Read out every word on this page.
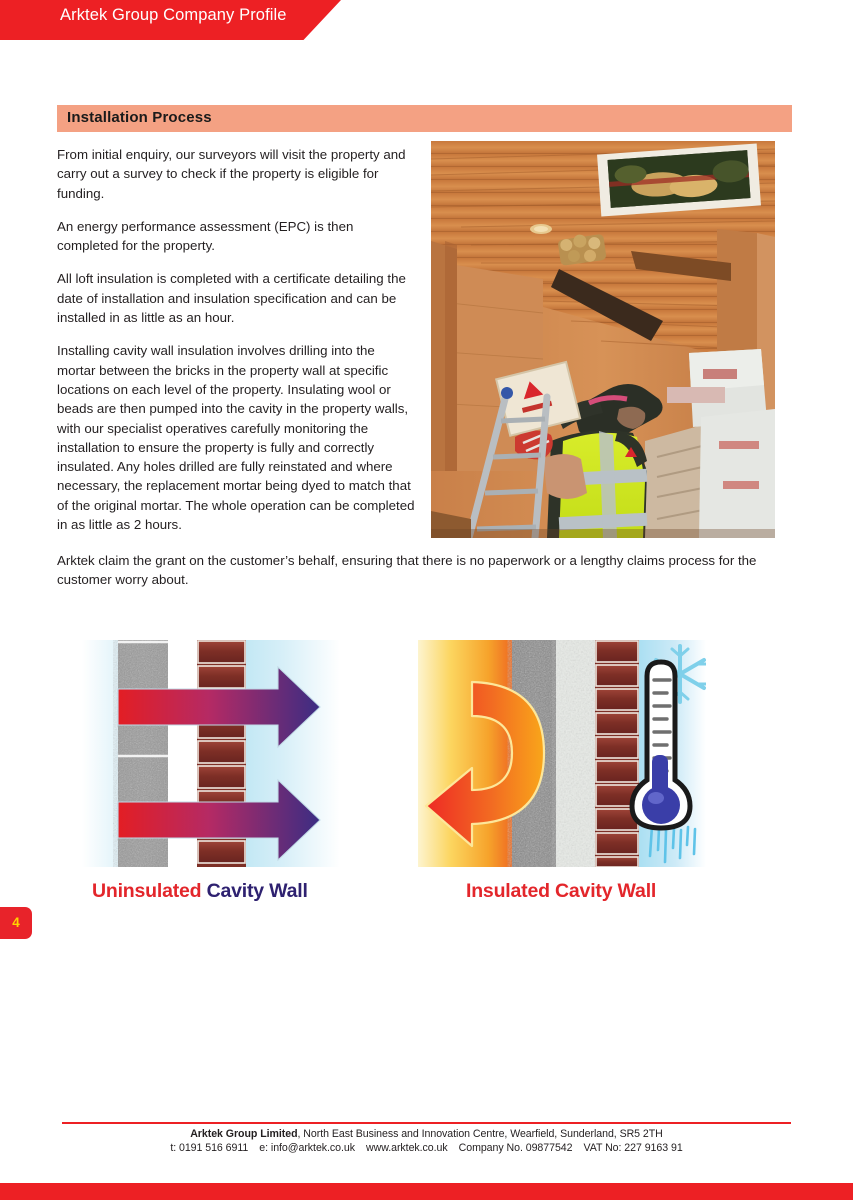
Arktek Group Company Profile
Installation Process

From initial enquiry, our surveyors will visit the property and carry out a survey to check if the property is eligible for funding.

An energy performance assessment (EPC) is then completed for the property.

All loft insulation is completed with a certificate detailing the date of installation and insulation specification and can be installed in as little as an hour.

Installing cavity wall insulation involves drilling into the mortar between the bricks in the property wall at specific locations on each level of the property. Insulating wool or beads are then pumped into the cavity in the property walls, with our specialist operatives carefully monitoring the installation to ensure the property is fully and correctly insulated. Any holes drilled are fully reinstated and where necessary, the replacement mortar being dyed to match that of the original mortar. The whole operation can be completed in as little as 2 hours.

Arktek claim the grant on the customer’s behalf, ensuring that there is no paperwork or a lengthy claims process for the customer worry about.
Uninsulated Cavity Wall	Insulated Cavity Wall
4
Arktek Group Limited, North East Business and Innovation Centre, Wearfield, Sunderland, SR5 2TH
t: 0191 516 6911 e: info@arktek.co.uk www.arktek.co.uk Company No. 09877542 VAT No: 227 9163 91
